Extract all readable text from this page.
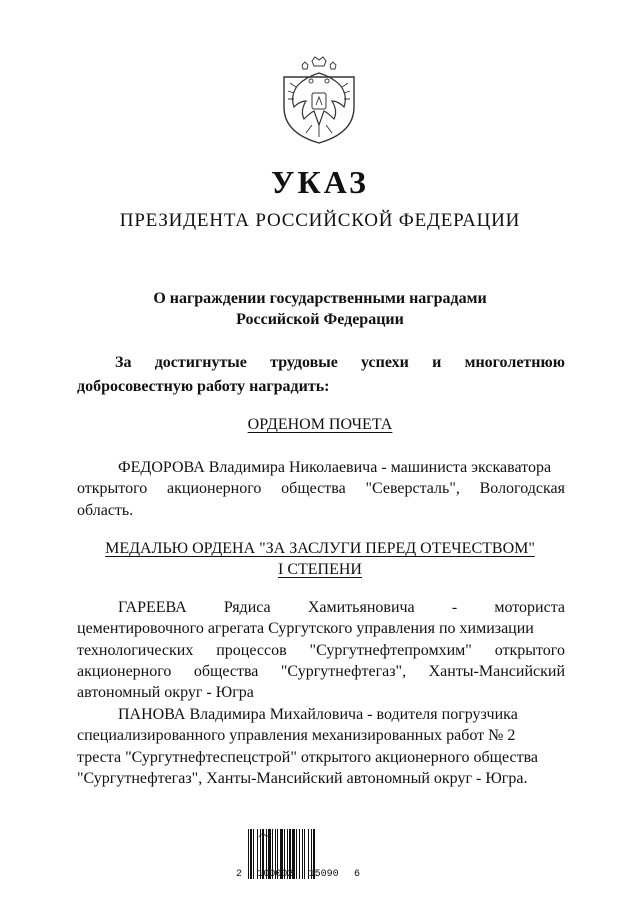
УКАЗ
ПРЕЗИДЕНТА РОССИЙСКОЙ ФЕДЕРАЦИИ
О награждении государственными наградами
Российской Федерации
За достигнутые трудовые успехи и многолетнюю
добросовестную работу наградить:
ОРДЕНОМ ПОЧЕТА
ФЕДОРОВА Владимира Николаевича - машиниста экскаватора
открытого акционерного общества "Северсталь", Вологодская
область.
МЕДАЛЬЮ ОРДЕНА "ЗА ЗАСЛУГИ ПЕРЕД ОТЕЧЕСТВОМ"
I СТЕПЕНИ
ГАРЕЕВА Рядиса Хамитьяновича - моториста
цементировочного агрегата Сургутского управления по химизации
технологических процессов "Сургутнефтепромхим" открытого
акционерного общества "Сургутнефтегаз", Ханты-Мансийский
автономный округ - Югра
ПАНОВА Владимира Михайловича - водителя погрузчика
специализированного управления механизированных работ № 2
треста "Сургутнефтеспецстрой" открытого акционерного общества
"Сургутнефтегаз", Ханты-Мансийский автономный округ - Югра.
2 100002 15090 6
